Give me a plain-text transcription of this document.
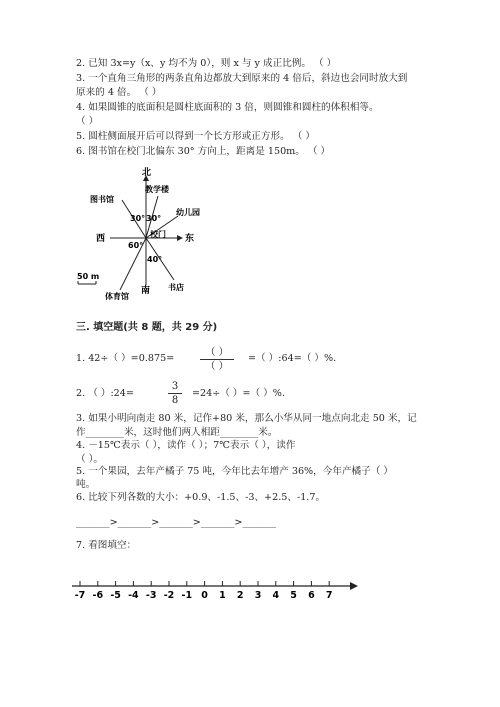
2. 已知 3x=y（x、y 均不为 0），则 x 与 y 成正比例。 （ ）
3. 一个直角三角形的两条直角边都放大到原来的 4 倍后，斜边也会同时放大到
原来的 4 倍。 （ ）
4. 如果圆锥的底面积是圆柱底面积的 3 倍，则圆锥和圆柱的体积相等。
（ ）
5. 圆柱侧面展开后可以得到一个长方形或正方形。 （ ）
6. 图书馆在校门北偏东 30° 方向上，距离是 150m。 （ ）
北
教学楼
图书馆
幼儿园
30° 30°
西	校门 东
60°
40°
50 m
南
体育馆
书店
三. 填空题(共 8 题，共 29 分)
1. 42÷（ ）=0.875=
（ ）
（ ）
=（ ）:64=（ ）%.
2. （ ）:24=
3
8
=24÷（ ）=（ ）%.
3. 如果小明向南走 80 米，记作+80 米，那么小华从同一地点向北走 50 米，记
作________米，这时他们两人相距________米。
4. －15℃表示（ ），读作（ ）；7℃表示（ ），读作
（ ）。
5. 一个果园，去年产橘子 75 吨，今年比去年增产 36%，今年产橘子（ ）
吨。
6. 比较下列各数的大小：+0.9、-1.5、-3、+2.5、-1.7。
_______>_______>_______>_______>_______
7. 看图填空：
-7 -6 -5 -4 -3 -2 -1 0 1 2 3 4 5 6 7
